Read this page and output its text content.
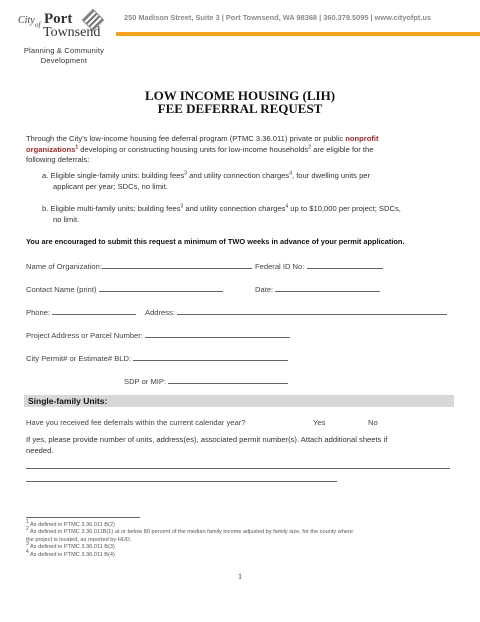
City of Port
Townsend
Planning & Community
Development
250 Madison Street, Suite 3 | Port Townsend, WA 98368 | 360.379.5095 | www.cityofpt.us
LOW INCOME HOUSING (LIH)
FEE DEFERRAL REQUEST
Through the City’s low-income housing fee deferral program (PTMC 3.36.011) private or public nonprofit
organizations$^1$ developing or constructing housing units for low-income households$^2$ are eligible for the
following deferrals:
a. Eligible single-family units: building fees$^3$ and utility connection charges$^4$, four dwelling units per
applicant per year; SDCs, no limit.
b. Eligible multi-family units: building fees$^3$ and utility connection charges$^4$ up to $10,000 per project; SDCs,
no limit.
You are encouraged to submit this request a minimum of TWO weeks in advance of your permit application.
Name of Organization:	Federal ID No:
Contact Name (print)	Date:
Phone:	Address:
Project Address or Parcel Number:
City Permit# or Estimate# BLD:
SDP or MIP:
Single-family Units:
Have you received fee deferrals within the current calendar year?	Yes	No
If yes, please provide number of units, address(es), associated permit number(s). Attach additional sheets if
needed.
$^1$ As defined in PTMC 3.36.011 B(2)
$^2$ As defined in PTMC 3.36.011B(1) at or below 80 percent of the median family income adjusted by family size, for the county where
the project is located, as reported by HUD.
$^3$ As defined in PTMC 3.36.011 B(3)
$^4$ As defined in PTMC 3.36.011 B(4)
1
